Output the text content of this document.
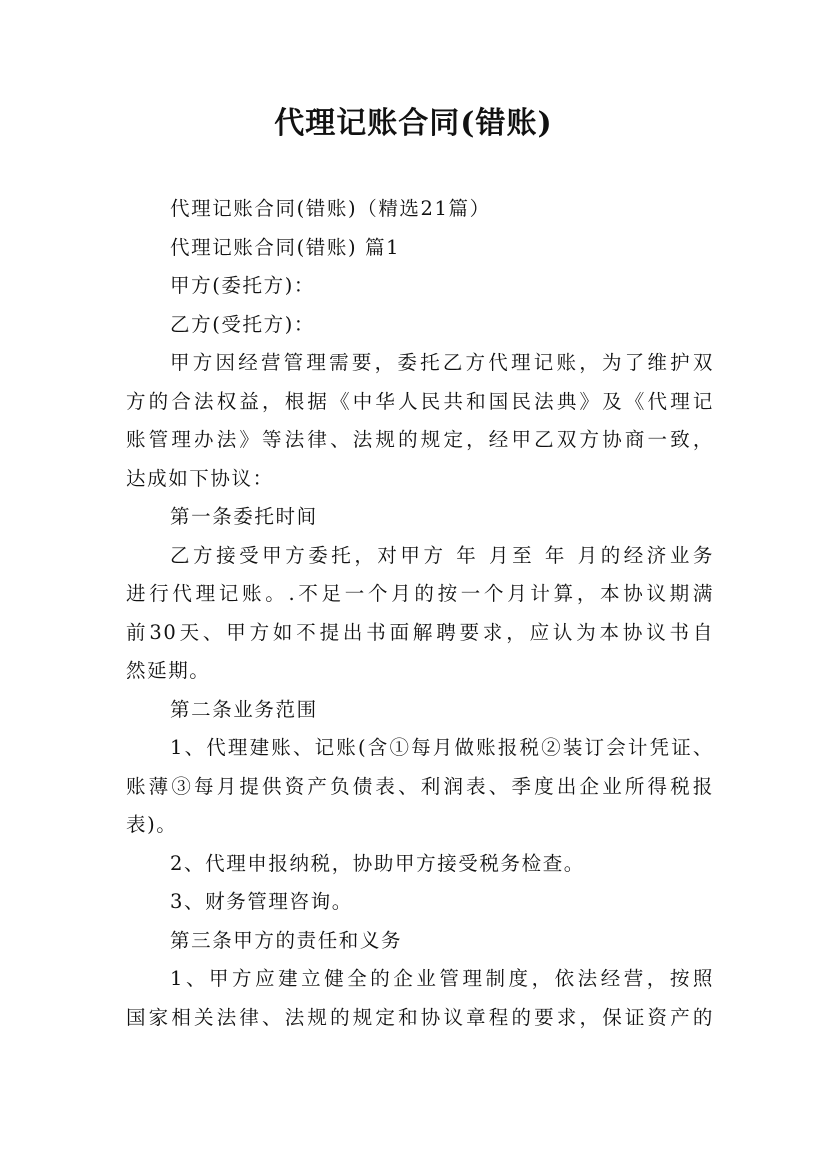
代理记账合同(错账)
代理记账合同(错账)（精选21篇）
代理记账合同(错账) 篇1
甲方(委托方)：
乙方(受托方)：
甲方因经营管理需要，委托乙方代理记账，为了维护双
方的合法权益，根据《中华人民共和国民法典》及《代理记
账管理办法》等法律、法规的规定，经甲乙双方协商一致，
达成如下协议：
第一条委托时间
乙方接受甲方委托，对甲方 年 月至 年 月的经济业务
进行代理记账。.不足一个月的按一个月计算，本协议期满
前30天、甲方如不提出书面解聘要求，应认为本协议书自
然延期。
第二条业务范围
1、代理建账、记账(含①每月做账报税②装订会计凭证、
账薄③每月提供资产负债表、利润表、季度出企业所得税报
表)。
2、代理申报纳税，协助甲方接受税务检查。
3、财务管理咨询。
第三条甲方的责任和义务
1、甲方应建立健全的企业管理制度，依法经营，按照
国家相关法律、法规的规定和协议章程的要求，保证资产的
